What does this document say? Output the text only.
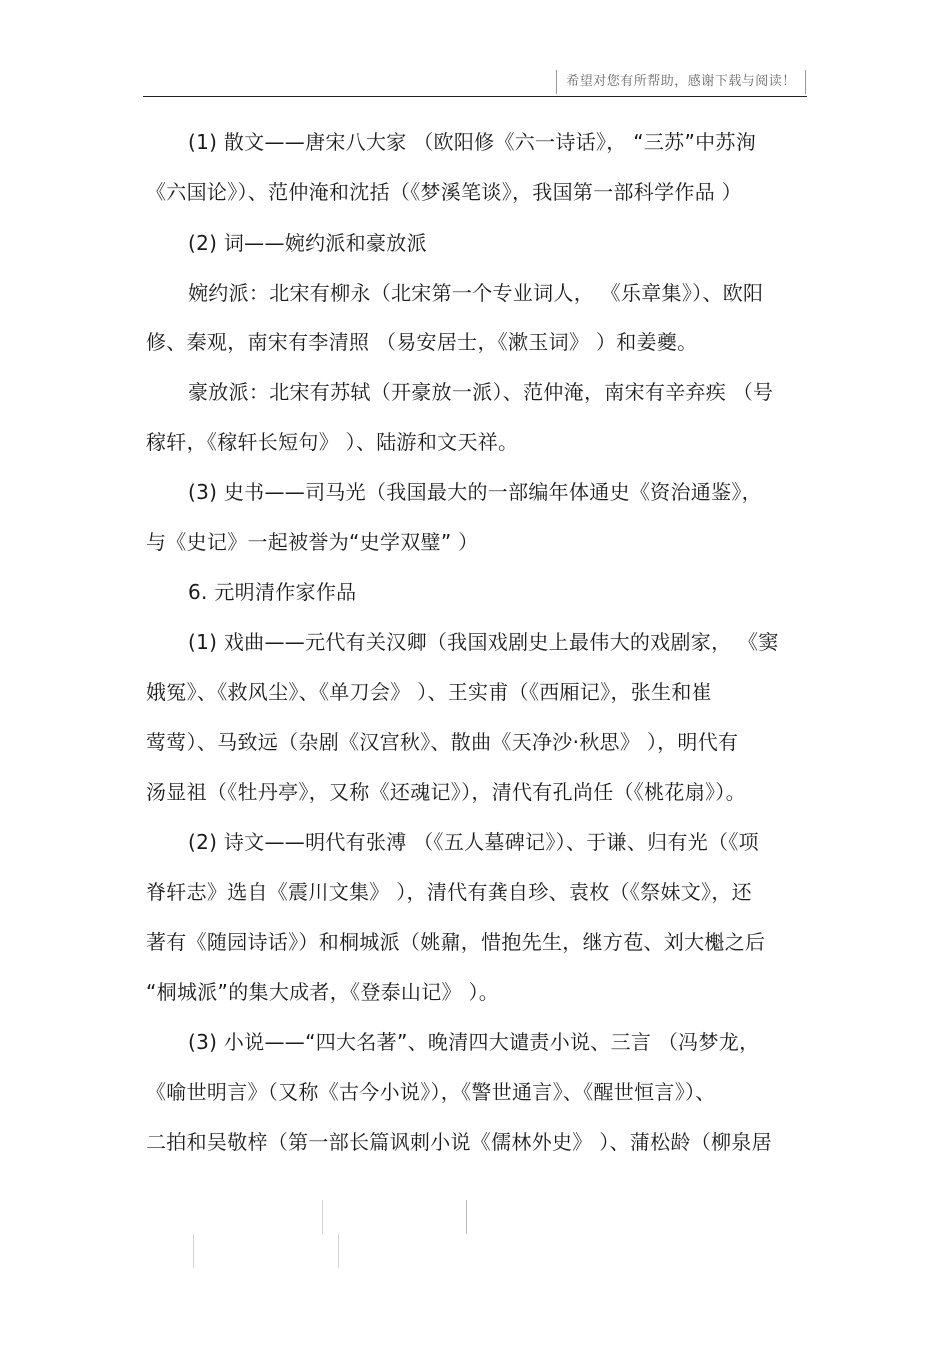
希望对您有所帮助，感谢下载与阅读！
(1) 散文——唐宋八大家 （欧阳修《六一诗话》， “三苏”中苏洵
《六国论》）、范仲淹和沈括（《梦溪笔谈》，我国第一部科学作品 ）
(2) 词——婉约派和豪放派
婉约派：北宋有柳永（北宋第一个专业词人， 《乐章集》）、欧阳
修、秦观，南宋有李清照 （易安居士，《漱玉词》 ）和姜夔。
豪放派：北宋有苏轼（开豪放一派）、范仲淹，南宋有辛弃疾 （号
稼轩，《稼轩长短句》 ）、陆游和文天祥。
(3) 史书——司马光（我国最大的一部编年体通史《资治通鉴》，
与《史记》一起被誉为“史学双璧” ）
6. 元明清作家作品
(1) 戏曲——元代有关汉卿（我国戏剧史上最伟大的戏剧家， 《窦
娥冤》、《救风尘》、《单刀会》 ）、王实甫（《西厢记》，张生和崔
莺莺）、马致远（杂剧《汉宫秋》、散曲《天净沙·秋思》 ），明代有
汤显祖（《牡丹亭》，又称《还魂记》），清代有孔尚任（《桃花扇》）。
(2) 诗文——明代有张溥 （《五人墓碑记》）、于谦、归有光（《项
脊轩志》选自《震川文集》 ），清代有龚自珍、袁枚（《祭妹文》，还
著有《随园诗话》）和桐城派（姚鼐，惜抱先生，继方苞、刘大櫆之后
“桐城派”的集大成者，《登泰山记》 ）。
(3) 小说——“四大名著”、晚清四大谴责小说、三言 （冯梦龙，
《喻世明言》（又称《古今小说》），《警世通言》、《醒世恒言》）、
二拍和吴敬梓（第一部长篇讽刺小说《儒林外史》 ）、蒲松龄（柳泉居
